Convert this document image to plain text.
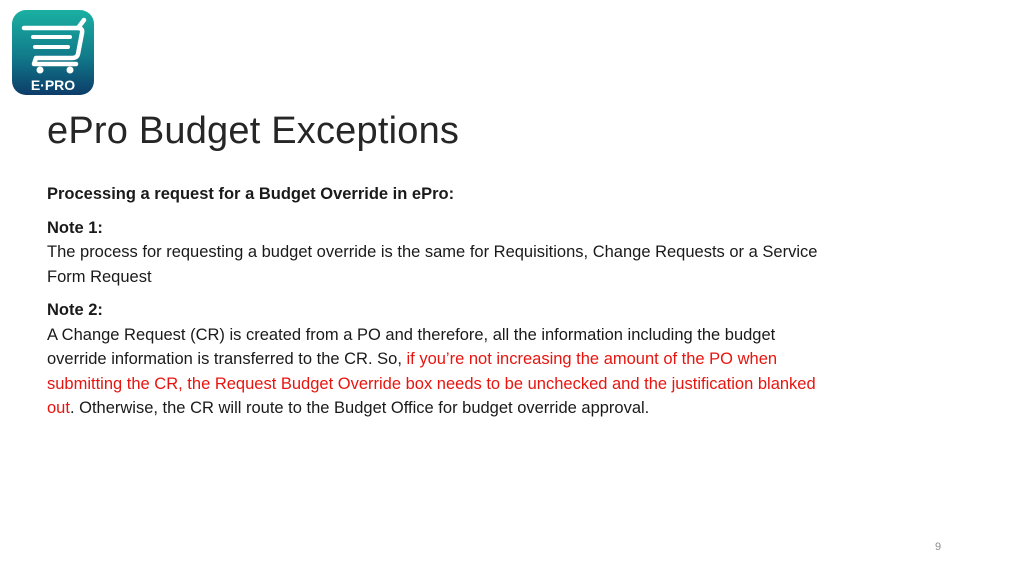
E·PRO
ePro Budget Exceptions

Processing a request for a Budget Override in ePro:

Note 1:

The process for requesting a budget override is the same for Requisitions, Change Requests or a Service Form Request

Note 2:

A Change Request (CR) is created from a PO and therefore, all the information including the budget override information is transferred to the CR. So, if you’re not increasing the amount of the PO when submitting the CR, the Request Budget Override box needs to be unchecked and the justification blanked out. Otherwise, the CR will route to the Budget Office for budget override approval.

9
